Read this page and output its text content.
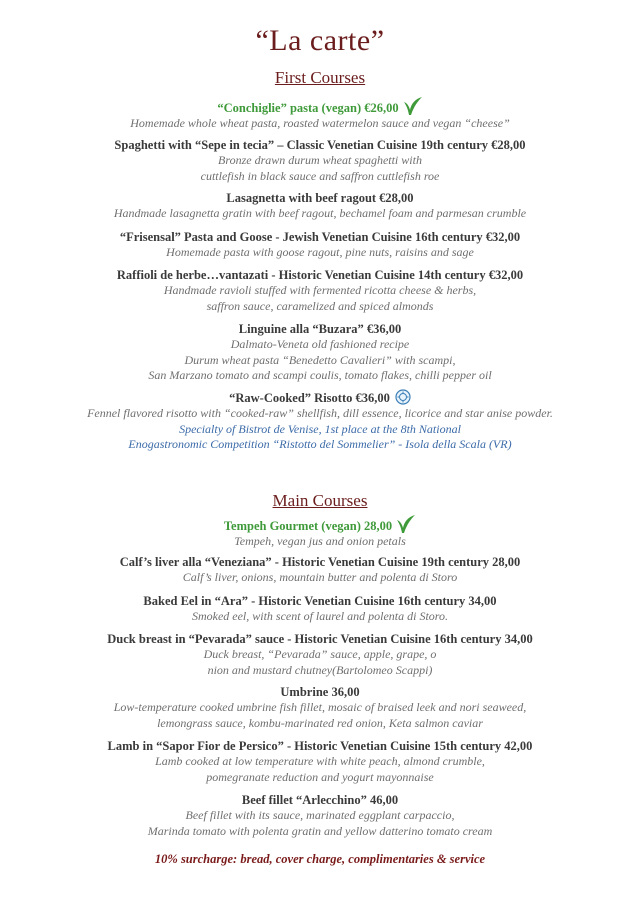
“La carte”
First Courses
“Conchiglie” pasta (vegan) €26,00
Homemade whole wheat pasta, roasted watermelon sauce and vegan “cheese”
Spaghetti with “Sepe in tecia” – Classic Venetian Cuisine 19th century €28,00
Bronze drawn durum wheat spaghetti with
cuttlefish in black sauce and saffron cuttlefish roe
Lasagnetta with beef ragout €28,00
Handmade lasagnetta gratin with beef ragout, bechamel foam and parmesan crumble
“Frisensal” Pasta and Goose - Jewish Venetian Cuisine 16th century €32,00
Homemade pasta with goose ragout, pine nuts, raisins and sage
Raffioli de herbe…vantazati - Historic Venetian Cuisine 14th century €32,00
Handmade ravioli stuffed with fermented ricotta cheese & herbs,
saffron sauce, caramelized and spiced almonds
Linguine alla “Buzara” €36,00
Dalmato-Veneta old fashioned recipe
Durum wheat pasta “Benedetto Cavalieri” with scampi,
San Marzano tomato and scampi coulis, tomato flakes, chilli pepper oil
“Raw-Cooked” Risotto €36,00
Fennel flavored risotto with “cooked-raw” shellfish, dill essence, licorice and star anise powder.
Specialty of Bistrot de Venise, 1st place at the 8th National
Enogastronomic Competition “Ristotto del Sommelier” - Isola della Scala (VR)
Main Courses
Tempeh Gourmet (vegan) 28,00
Tempeh, vegan jus and onion petals
Calf’s liver alla “Veneziana” - Historic Venetian Cuisine 19th century 28,00
Calf’s liver, onions, mountain butter and polenta di Storo
Baked Eel in “Ara” - Historic Venetian Cuisine 16th century 34,00
Smoked eel, with scent of laurel and polenta di Storo.
Duck breast in “Pevarada” sauce - Historic Venetian Cuisine 16th century 34,00
Duck breast, “Pevarada” sauce, apple, grape, o
nion and mustard chutney(Bartolomeo Scappi)
Umbrine 36,00
Low-temperature cooked umbrine fish fillet, mosaic of braised leek and nori seaweed,
lemongrass sauce, kombu-marinated red onion, Keta salmon caviar
Lamb in “Sapor Fior de Persico” - Historic Venetian Cuisine 15th century 42,00
Lamb cooked at low temperature with white peach, almond crumble,
pomegranate reduction and yogurt mayonnaise
Beef fillet “Arlecchino” 46,00
Beef fillet with its sauce, marinated eggplant carpaccio,
Marinda tomato with polenta gratin and yellow datterino tomato cream
10% surcharge: bread, cover charge, complimentaries & service
